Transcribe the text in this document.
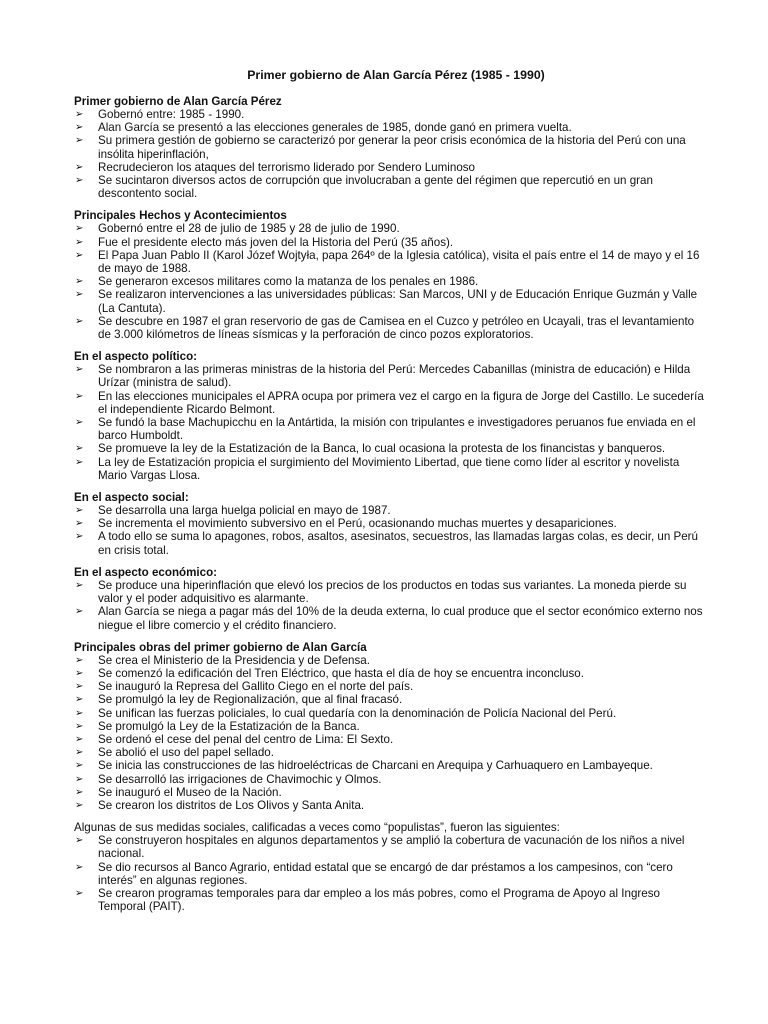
Primer gobierno de Alan García Pérez (1985 - 1990)

Primer gobierno de Alan García Pérez

➢ Gobernó entre: 1985 - 1990.
➢ Alan García se presentó a las elecciones generales de 1985, donde ganó en primera vuelta.
➢ Su primera gestión de gobierno se caracterizó por generar la peor crisis económica de la historia del Perú con una insólita hiperinflación,
➢ Recrudecieron los ataques del terrorismo liderado por Sendero Luminoso
➢ Se sucintaron diversos actos de corrupción que involucraban a gente del régimen que repercutió en un gran descontento social.

Principales Hechos y Acontecimientos

➢ Gobernó entre el 28 de julio de 1985 y 28 de julio de 1990.
➢ Fue el presidente electo más joven del la Historia del Perú (35 años).
➢ El Papa Juan Pablo II (Karol Józef Wojtyła, papa 264º de la Iglesia católica), visita el país entre el 14 de mayo y el 16 de mayo de 1988.
➢ Se generaron excesos militares como la matanza de los penales en 1986.
➢ Se realizaron intervenciones a las universidades públicas: San Marcos, UNI y de Educación Enrique Guzmán y Valle (La Cantuta).
➢ Se descubre en 1987 el gran reservorio de gas de Camisea en el Cuzco y petróleo en Ucayali, tras el levantamiento de 3.000 kilómetros de líneas sísmicas y la perforación de cinco pozos exploratorios.

En el aspecto político:

➢ Se nombraron a las primeras ministras de la historia del Perú: Mercedes Cabanillas (ministra de educación) e Hilda Urízar (ministra de salud).
➢ En las elecciones municipales el APRA ocupa por primera vez el cargo en la figura de Jorge del Castillo. Le sucedería el independiente Ricardo Belmont.
➢ Se fundó la base Machupicchu en la Antártida, la misión con tripulantes e investigadores peruanos fue enviada en el barco Humboldt.
➢ Se promueve la ley de la Estatización de la Banca, lo cual ocasiona la protesta de los financistas y banqueros.
➢ La ley de Estatización propicia el surgimiento del Movimiento Libertad, que tiene como líder al escritor y novelista Mario Vargas Llosa.

En el aspecto social:

➢ Se desarrolla una larga huelga policial en mayo de 1987.
➢ Se incrementa el movimiento subversivo en el Perú, ocasionando muchas muertes y desapariciones.
➢ A todo ello se suma lo apagones, robos, asaltos, asesinatos, secuestros, las llamadas largas colas, es decir, un Perú en crisis total.

En el aspecto económico:

➢ Se produce una hiperinflación que elevó los precios de los productos en todas sus variantes. La moneda pierde su valor y el poder adquisitivo es alarmante.
➢ Alan García se niega a pagar más del 10% de la deuda externa, lo cual produce que el sector económico externo nos niegue el libre comercio y el crédito financiero.

Principales obras del primer gobierno de Alan García

➢ Se crea el Ministerio de la Presidencia y de Defensa.
➢ Se comenzó la edificación del Tren Eléctrico, que hasta el día de hoy se encuentra inconcluso.
➢ Se inauguró la Represa del Gallito Ciego en el norte del país.
➢ Se promulgó la ley de Regionalización, que al final fracasó.
➢ Se unifican las fuerzas policiales, lo cual quedaría con la denominación de Policía Nacional del Perú.
➢ Se promulgó la Ley de la Estatización de la Banca.
➢ Se ordenó el cese del penal del centro de Lima: El Sexto.
➢ Se abolió el uso del papel sellado.
➢ Se inicia las construcciones de las hidroeléctricas de Charcani en Arequipa y Carhuaquero en Lambayeque.
➢ Se desarrolló las irrigaciones de Chavimochic y Olmos.
➢ Se inauguró el Museo de la Nación.
➢ Se crearon los distritos de Los Olivos y Santa Anita.

Algunas de sus medidas sociales, calificadas a veces como “populistas”, fueron las siguientes:

➢ Se construyeron hospitales en algunos departamentos y se amplió la cobertura de vacunación de los niños a nivel nacional.
➢ Se dio recursos al Banco Agrario, entidad estatal que se encargó de dar préstamos a los campesinos, con “cero interés” en algunas regiones.
➢ Se crearon programas temporales para dar empleo a los más pobres, como el Programa de Apoyo al Ingreso Temporal (PAIT).
